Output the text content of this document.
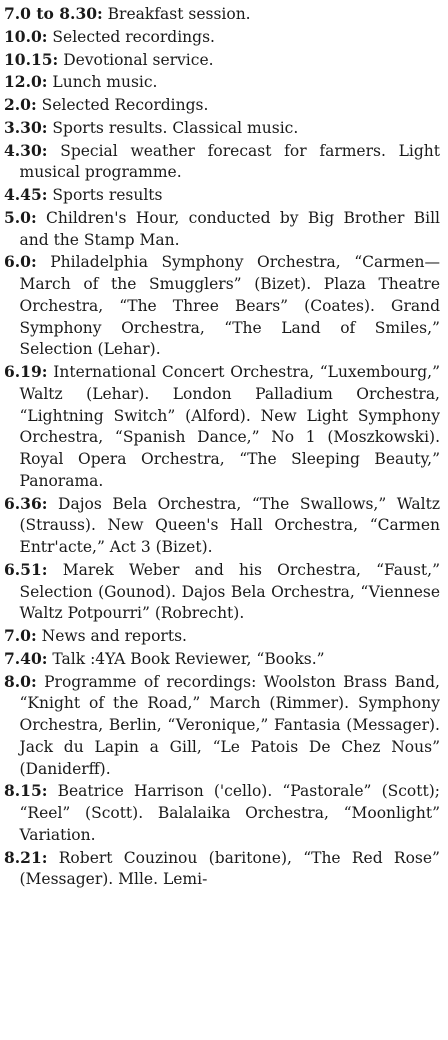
7.0 to 8.30: Breakfast session.

10.0: Selected recordings.

10.15: Devotional service.

12.0: Lunch music.

2.0: Selected Recordings.

3.30: Sports results. Classical music.

4.30: Special weather forecast for farmers. Light musical programme.

4.45: Sports results

5.0: Children's Hour, conducted by Big Brother Bill and the Stamp Man.

6.0: Philadelphia Symphony Orchestra, “Carmen—March of the Smugglers” (Bizet). Plaza Theatre Orchestra, “The Three Bears” (Coates). Grand Symphony Orchestra, “The Land of Smiles,” Selection (Lehar).

6.19: International Concert Orchestra, “Luxembourg,” Waltz (Lehar). London Palladium Orchestra, “Lightning Switch” (Alford). New Light Symphony Orchestra, “Spanish Dance,” No 1 (Moszkowski). Royal Opera Orchestra, “The Sleeping Beauty,” Panorama.

6.36: Dajos Bela Orchestra, “The Swallows,” Waltz (Strauss). New Queen's Hall Orchestra, “Carmen Entr'acte,” Act 3 (Bizet).

6.51: Marek Weber and his Orchestra, “Faust,” Selection (Gounod). Dajos Bela Orchestra, “Viennese Waltz Potpourri” (Robrecht).

7.0: News and reports.

7.40: Talk :4YA Book Reviewer, “Books.”

8.0: Programme of recordings: Woolston Brass Band, “Knight of the Road,” March (Rimmer). Symphony Orchestra, Berlin, “Veronique,” Fantasia (Messager). Jack du Lapin a Gill, “Le Patois De Chez Nous” (Daniderff).

8.15: Beatrice Harrison ('cello). “Pastorale” (Scott); “Reel” (Scott). Balalaika Orchestra, “Moonlight” Variation.

8.21: Robert Couzinou (baritone), “The Red Rose” (Messager). Mlle. Lemi-
